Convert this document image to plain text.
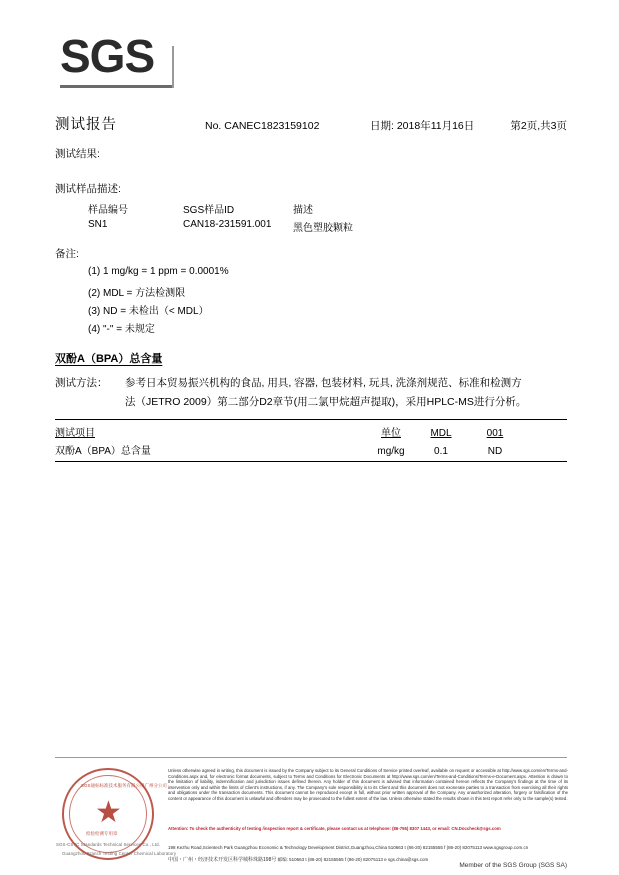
SGS
测试报告	No. CANEC1823159102	日期: 2018年11月16日	第2页,共3页
测试结果:
测试样品描述:
样品编号	SGS样品ID	描述
SN1	CAN18-231591.001	黑色塑胶颗粒
备注:
(1) 1 mg/kg = 1 ppm = 0.0001%
(2) MDL = 方法检测限
(3) ND = 未检出（< MDL）
(4) "-" = 未规定
双酚A（BPA）总含量
测试方法： 参考日本贸易振兴机构的食品, 用具, 容器, 包装材料, 玩具, 洗涤剂规范、标准和检测方
法（JETRO 2009）第二部分D2章节(用二氯甲烷超声提取)，采用HPLC-MS进行分析。
测试项目	单位	MDL	001
双酚A（BPA）总含量	mg/kg	0.1	ND
★
SGS通标标准技术服务有限公司广州分公司
检验检测专用章
SGS-CSTC Standards Technical Services Co., Ltd.
Guangzhou Branch Testing Center Chemical Laboratory
Unless otherwise agreed in writing, this document is issued by the Company subject to its General Conditions of Service printed overleaf, available on request or accessible at http://www.sgs.com/en/Terms-and-Conditions.aspx and, for electronic format documents, subject to Terms and Conditions for Electronic Documents at http://www.sgs.com/en/Terms-and-Conditions/Terms-e-Document.aspx. Attention is drawn to the limitation of liability, indemnification and jurisdiction issues defined therein. Any holder of this document is advised that information contained hereon reflects the Company's findings at the time of its intervention only and within the limits of Client's instructions, if any. The Company's sole responsibility is to its Client and this document does not exonerate parties to a transaction from exercising all their rights and obligations under the transaction documents. This document cannot be reproduced except in full, without prior written approval of the Company. Any unauthorized alteration, forgery or falsification of the content or appearance of this document is unlawful and offenders may be prosecuted to the fullest extent of the law. Unless otherwise stated the results shown in this test report refer only to the sample(s) tested.
Attention: To check the authenticity of testing /inspection report & certificate, please contact us at telephone: (86-755) 8307 1443, or email: CN.Doccheck@sgs.com
198 Kezhu Road,Scientech Park Guangzhou Economic & Technology Development District,Guangzhou,China 510663 t (86-20) 82155555 f (86-20) 82075113 www.sgsgroup.com.cn
中国・广州・经济技术开发区科学城科珠路198号 邮编: 510663 t (86-20) 82155555 f (86-20) 82075113 e sgs.china@sgs.com
Member of the SGS Group (SGS SA)
